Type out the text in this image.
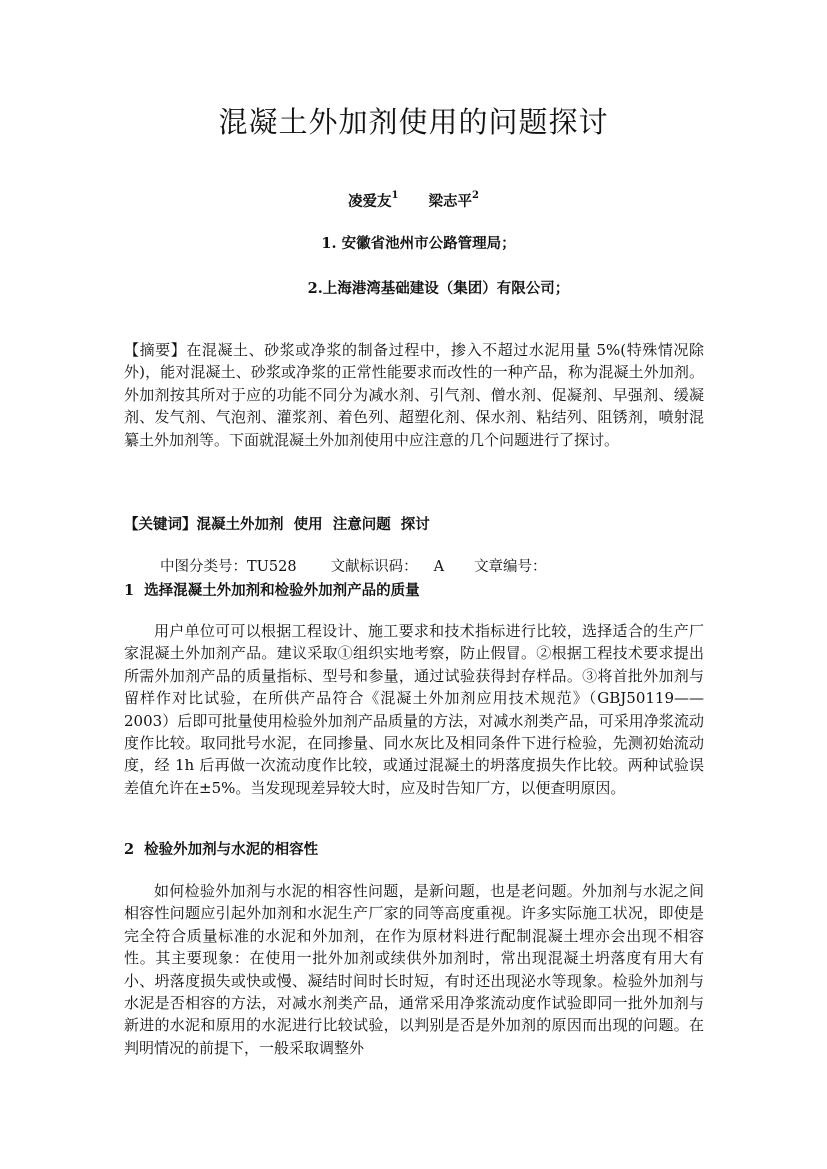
混凝土外加剂使用的问题探讨
凌爱友$^1$ 梁志平$^2$
1. 安徽省池州市公路管理局；
2.上海港湾基础建设（集团）有限公司；
【摘要】在混凝土、砂浆或净浆的制备过程中，掺入不超过水泥用量 5%(特殊情况除外)，能对混凝土、砂浆或净浆的正常性能要求而改性的一种产品，称为混凝土外加剂。外加剂按其所对于应的功能不同分为减水剂、引气剂、僧水剂、促凝剂、早强剂、缓凝剂、发气剂、气泡剂、灌浆剂、着色列、超塑化剂、保水剂、粘结列、阻锈剂，喷射混纂土外加剂等。下面就混凝土外加剂使用中应注意的几个问题进行了探讨。
【关键词】混凝土外加剂  使用  注意问题  探讨
中图分类号：TU528 文献标识码： A 文章编号：
1  选择混凝土外加剂和检验外加剂产品的质量
用户单位可可以根据工程设计、施工要求和技术指标进行比较，选择适合的生产厂家混凝土外加剂产品。建议采取①组织实地考察，防止假冒。②根据工程技术要求提出所需外加剂产品的质量指标、型号和参量，通过试验获得封存样品。③将首批外加剂与留样作对比试验，在所供产品符合《混凝土外加剂应用技术规范》（GBJ50119——2003）后即可批量使用检验外加剂产品质量的方法，对减水剂类产品，可采用净浆流动度作比较。取同批号水泥，在同掺量、同水灰比及相同条件下进行检验，先测初始流动度，经 1h 后再做一次流动度作比较，或通过混凝土的坍落度损失作比较。两种试验误差值允许在±5%。当发现现差异较大时，应及时告知厂方，以便查明原因。
2  检验外加剂与水泥的相容性
如何检验外加剂与水泥的相容性问题，是新问题，也是老问题。外加剂与水泥之间相容性问题应引起外加剂和水泥生产厂家的同等高度重视。许多实际施工状况，即使是完全符合质量标准的水泥和外加剂，在作为原材料进行配制混凝土埋亦会出现不相容性。其主要现象：在使用一批外加剂或续供外加剂时，常出现混凝土坍落度有用大有小、坍落度损失或快或慢、凝结时间时长时短，有时还出现泌水等现象。检验外加剂与水泥是否相容的方法，对减水剂类产品，通常采用净浆流动度作试验即同一批外加剂与新进的水泥和原用的水泥进行比较试验，以判别是否是外加剂的原因而出现的问题。在判明情况的前提下，一般采取调整外
